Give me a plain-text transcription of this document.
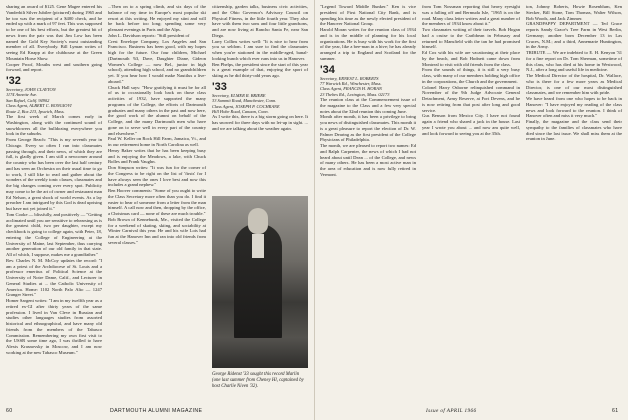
sharing an award of $125. Gene Magee entered his Vanderbilt Silver Jubilee (pictured) during 1965 and he too was the recipient of a $400 check, and he ended up with a mark of 97 feet. This was supposed to be one of his best efforts, but the greatest bit of news from the pair was that Jim Low has been named the Gold Key Society's most outstanding member of all. Everybody. Bill Lyman writes of seeing Ed Knapp at the clubhouse at the Green Mountain Horse Show.

Cooper Proof, Mouths west and southern going forward, and report.

'32
Secretary, JOHN CLAYTON
1174 Annette Ave.
San Rafael, Calif. 94902
Class Agent, ALBERT C. BONGIOVI
Route 2, Box 213, Ipswich, Mass.

The first week of March comes early in Washington, along with the continued sound of snowblowers all the bulldozing everywhere you look in the suburbs.

From George Beach: "This is my seventh year in Chicago. Every so often I run into classmates passing through, and their news, of which they are full, is gladly given. I am still a newcomer around the country who has been over the last half century and has seen an Orchestra on their usual time to go to work, I still like to read and gather about the wonders of the weekly tonic classes, classmates and the big changes coming over every spot. Publicity may come to be the art of owner and restaurant man Ed Nelson, a great shock of world events. As a lay preacher I am intrigued by this God is dead uprising but have not yet joined it."

Tom Cooke — blissfully, and positively — "Getting acclimated until you are sensitive to rehearsing as is the greatest child, two per daughter, except my checkbook is going to college again, with Peter, 18, entering the College of Engineering at the University of Maine, last September, thus carrying another generation of our old family in that state. All of which, I suppose, makes me a grandfather."

Rev. Charles N. M. McCoy updates the record: "I am a priest of the Archdiocese of St. Louis and a professor emeritus of Political Science at the University of Notre Dame, Calif., and Lecturer in General Studies at ... the Catholic University of America. Home: 1102 North Palo Alto — 1247 Granger Street."

Homer Sargent writes: "I am in my twelfth year as a retired ex-GI after thirty years of the same profession. I lived in Van Cleve in Russian and studies other languages studies from assorted historical and ethnographical, and have many old friends from the members of the Tabasco Commission. Remembering my own first visit to the USSR some time ago, I was thrilled to have Alexis Krasnovsky in Moscow, and I am now working at the new Tabasco Museum."

...Then on to a spring climb, and six days of the balance of my time in Europe's most popular ski resort at this writing. He enjoyed my stint and will be back before too long; spending some very pleasant evenings in Paris and the Alps.

John L. Davidson reports: "Still president of

Crest Envelope Company, Los Angeles and San Francisco. Business has been good, with my hopes high for the future. Our four children, Michael (Dartmouth '63, Dave, Daughter Diane, Gideon Women's College — now Bel., junior in high school), attending high school, and no grandchildren yet. If you hear how I would make Nautilus a live-aboard."

Chuck Hall says: "How gratifying it must be for all of us to occasionally look back on those class activities of 1932, have supported the many programs of the College, the efforts of Dartmouth graduates and many others in the past and now here, the good work of the alumni on behalf of the College, and the many Dartmouth men who have gone on to serve well in every part of the country and elsewhere."

Paul W. Keller on Rock Hill Farm, Jamaica, Vt., and in our retirement home in North Carolina as well.

Henry Baker writes that he has been keeping busy and is enjoying the Meadows, a lake, with Chuck Bolles and Frank Vaughn.

Don Simpson writes: "It was fun for the corner of the Congress to be right on the list of 'firsts' for I have always seen the ones I love best and now this includes a grand nephew."

Ben Hoover comments: "Some of you ought to write the Class Secretary more often than you do. I find it easier to hear of someone from a letter from the man himself. A call now and then, dropping by the office, a Christmas card — none of these are much trouble."

Bob Brown of Kennebunk, Me., visited the College for a weekend of skating, skiing, and sociability at Winter Carnival this year. He and his wife Lois had fun at the Hanover Inn and ran into old friends from several classes."

citizenship, garden talks, business civic activities, and the Ohio Governor's Advisory Council on Physical Fitness, in the little fourth year. They also have with them two sons and four little grandsons, and are now living at Rancho Santa Fe, near San Diego.

Larry Collins writes well: "It is nice to hear from you so seldom. I am sure to find the classmates when you're stationed in the middle-aged, banal-looking bunch which ever runs into us in Hanover.

Ben Phelps, the president since the start of this year is a great example of that, enjoying the sport of skiing as he did thirty-odd years ago.

'33
Secretary, ELMER R. BRIERE
33 Summit Road, Manchester, Conn.
Class Agent, JOSEPH P. COCHRANE
Hill Hobe Road, Canaan, Conn.

As I write this, there is a big storm going on here. It has snowed for three days with no let-up in sight. ... and we are talking about the weather again.

George Ridenst '33 sought this record Marlin (one last summer from Cheney Hl, captained by host Charlie Niven '32).
60	DARTMOUTH ALUMNI MAGAZINE

"Legend Toward Middle Bunker." Ken is vice president of First National City Bank, and is spending his time as the newly elected president of the Hanover National Group.

Harold Moran writes for the reunion class of 1934 and is in the middle of planning for his local organizations. He is busy with his work for the first of the year, like a bee-man in a hive; he has already arranged a trip to England and Scotland for the summer.

'34
Secretary, ERNEST L. ROBERTS
77 Warwick Rd., Winchester, Mass.
Class Agent, FRANCIS H. HORAN
23 Thebes Rd., Lexington, Mass. 02173

The reunion class at the Commencement issue of the magazine to the Class and a few very special notes about the 32nd reunion this coming June.

Month after month, it has been a privilege to bring you news of distinguished classmates. This month it is a great pleasure to report the election of Dr. W. Palmer Dearing as the first president of the College Physicians of Philadelphia.

The month, we are pleased to report two names: Ed and Ralph Carpenter, the news of which I had not heard about until Dean ... of the College, and news of many others. He has been a most active man in the area of education and is now fully retired in Vermont.

from Tom Nossman reporting that heavy eyesight was a falling off and Bermuda Isle, "1965 is on the road. Many class letter writers and a great number of the members of 1934 know about it."

Two classmates writing of their travels. Bob Hogan had a cruise to the Caribbean in February and returned to Mansfield with the tan he had promised himself.

Ed Cox with his wife are vacationing at their place by the beach, and Bob Hodnett came down from Montreal to visit with old friends from the class.

From the sounds of things, it is still a very busy class, with many of our members holding high office in the corporations, the Church and the government.

Colonel Harry Osborne relinquished command in November of the 9th Judge Advocate General Detachment, Army Reserve, at Fort Devens, and he is now retiring from that post after long and good service.

Gus Benson from Mexico City. I have not found again a friend who shared a jack in the house. Last year I wrote you about ... and now am quite well, and look forward to seeing you at the 35th.

ton, Johnny Roberts, Howie Rosenblum, Ken Stecker, Bill Stone, Tom Thomas, Walter Wilson, Bob Woods, and Jack Zimmer.

GRANDPAPPY DEPARTMENT — Ted Grace reports Sandy Grace's Tree Farm in West Berlin, Germany; another born December 13 in Las Cruces, N.M.; and a third, Annemarie Huntington, in the Army.

TRIBUTE — We are indebted to E. H. Kenyon '31 for a fine report on Dr. Tom Sherman, sometime of this class, who has died at his home in Westwood, N.J., after a long and useful life in medicine.

The Medical Director of the hospital, Dr. Wallace, who is there for a few more years as Medical Director, is one of our most distinguished classmates, and we remember him with pride.

We have heard from one who hopes to be back in Hanover: "I have enjoyed my reading of the class news and look forward to the reunion. I think of Hanover often and miss it very much."

Finally, the magazine and the class send their sympathy to the families of classmates who have died since the last issue. We shall miss them at the reunion in June.

Issue of APRIL 1966	61
